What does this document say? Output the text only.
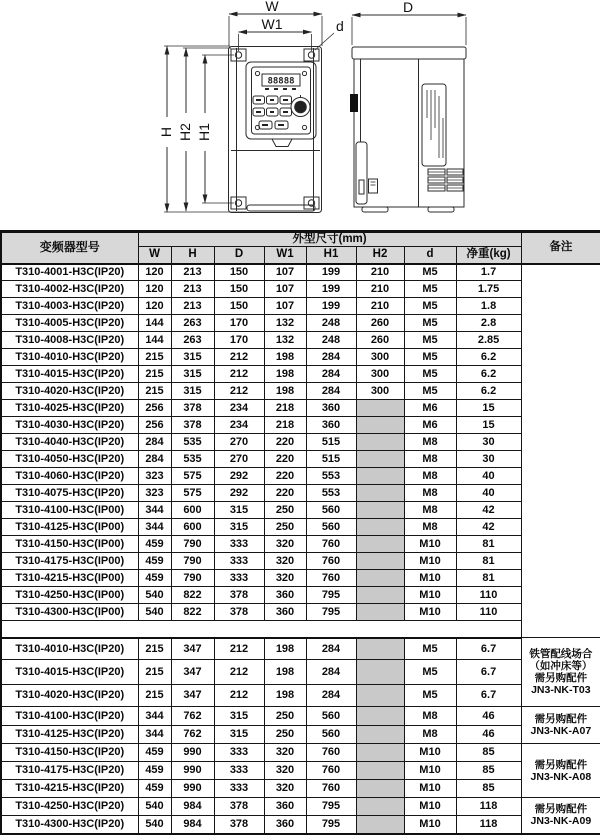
88888
W
W1	d
D
H H2 H1
变频器型号	外型尺寸(mm)								备注
	W	H	D	W1	H1	H2	d	净重(kg)	
T310-4001-H3C(IP20)	120	213	150	107	199	210	M5	1.7	
T310-4002-H3C(IP20)	120	213	150	107	199	210	M5	1.75	
T310-4003-H3C(IP20)	120	213	150	107	199	210	M5	1.8	
T310-4005-H3C(IP20)	144	263	170	132	248	260	M5	2.8	
T310-4008-H3C(IP20)	144	263	170	132	248	260	M5	2.85	
T310-4010-H3C(IP20)	215	315	212	198	284	300	M5	6.2	
T310-4015-H3C(IP20)	215	315	212	198	284	300	M5	6.2	
T310-4020-H3C(IP20)	215	315	212	198	284	300	M5	6.2	
T310-4025-H3C(IP20)	256	378	234	218	360		M6	15	
T310-4030-H3C(IP20)	256	378	234	218	360		M6	15	
T310-4040-H3C(IP20)	284	535	270	220	515		M8	30	
T310-4050-H3C(IP20)	284	535	270	220	515		M8	30	
T310-4060-H3C(IP20)	323	575	292	220	553		M8	40	
T310-4075-H3C(IP20)	323	575	292	220	553		M8	40	
T310-4100-H3C(IP00)	344	600	315	250	560		M8	42	
T310-4125-H3C(IP00)	344	600	315	250	560		M8	42	
T310-4150-H3C(IP00)	459	790	333	320	760		M10	81	
T310-4175-H3C(IP00)	459	790	333	320	760		M10	81	
T310-4215-H3C(IP00)	459	790	333	320	760		M10	81	
T310-4250-H3C(IP00)	540	822	378	360	795		M10	110	
T310-4300-H3C(IP00)	540	822	378	360	795		M10	110	

T310-4010-H3C(IP20)	215	347	212	198	284		M5	6.7	铁管配线场合
（如冲床等）
需另购配件
JN3-NK-T03

T310-4015-H3C(IP20)	215	347	212	198	284		M5	6.7	
T310-4020-H3C(IP20)	215	347	212	198	284		M5	6.7	
T310-4100-H3C(IP20)	344	762	315	250	560		M8	46	需另购配件
JN3-NK-A07

T310-4125-H3C(IP20)	344	762	315	250	560		M8	46	
T310-4150-H3C(IP20)	459	990	333	320	760		M10	85	需另购配件
JN3-NK-A08

T310-4175-H3C(IP20)	459	990	333	320	760		M10	85	
T310-4215-H3C(IP20)	459	990	333	320	760		M10	85	
T310-4250-H3C(IP20)	540	984	378	360	795		M10	118	需另购配件
JN3-NK-A09

T310-4300-H3C(IP20)	540	984	378	360	795		M10	118	
